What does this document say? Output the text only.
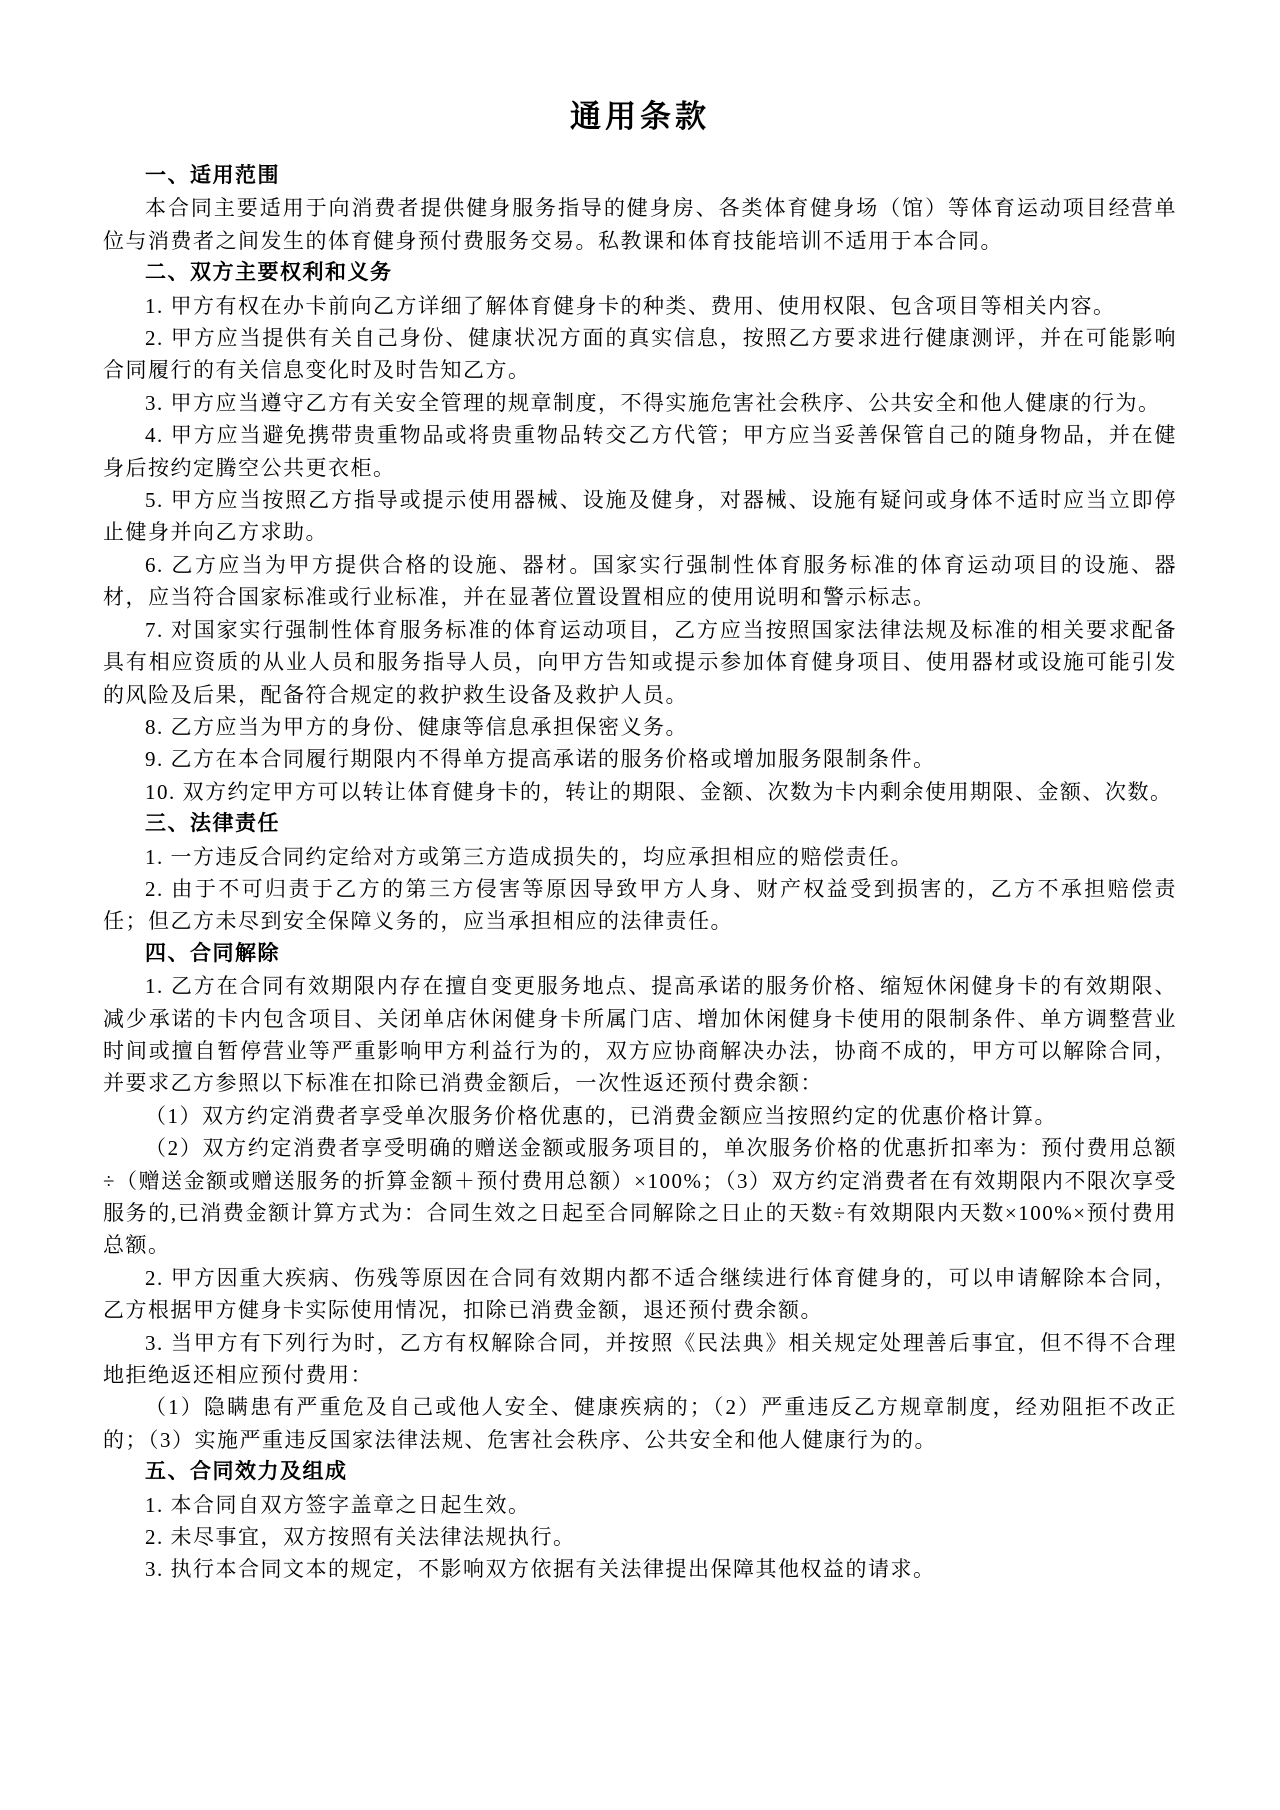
通用条款
一、适用范围

本合同主要适用于向消费者提供健身服务指导的健身房、各类体育健身场（馆）等体育运动项目经营单位与消费者之间发生的体育健身预付费服务交易。私教课和体育技能培训不适用于本合同。

二、双方主要权利和义务

1. 甲方有权在办卡前向乙方详细了解体育健身卡的种类、费用、使用权限、包含项目等相关内容。

2. 甲方应当提供有关自己身份、健康状况方面的真实信息，按照乙方要求进行健康测评，并在可能影响合同履行的有关信息变化时及时告知乙方。

3. 甲方应当遵守乙方有关安全管理的规章制度，不得实施危害社会秩序、公共安全和他人健康的行为。

4. 甲方应当避免携带贵重物品或将贵重物品转交乙方代管；甲方应当妥善保管自己的随身物品，并在健身后按约定腾空公共更衣柜。

5. 甲方应当按照乙方指导或提示使用器械、设施及健身，对器械、设施有疑问或身体不适时应当立即停止健身并向乙方求助。

6. 乙方应当为甲方提供合格的设施、器材。国家实行强制性体育服务标准的体育运动项目的设施、器材，应当符合国家标准或行业标准，并在显著位置设置相应的使用说明和警示标志。

7. 对国家实行强制性体育服务标准的体育运动项目，乙方应当按照国家法律法规及标准的相关要求配备具有相应资质的从业人员和服务指导人员，向甲方告知或提示参加体育健身项目、使用器材或设施可能引发的风险及后果，配备符合规定的救护救生设备及救护人员。

8. 乙方应当为甲方的身份、健康等信息承担保密义务。

9. 乙方在本合同履行期限内不得单方提高承诺的服务价格或增加服务限制条件。

10. 双方约定甲方可以转让体育健身卡的，转让的期限、金额、次数为卡内剩余使用期限、金额、次数。

三、法律责任

1. 一方违反合同约定给对方或第三方造成损失的，均应承担相应的赔偿责任。

2. 由于不可归责于乙方的第三方侵害等原因导致甲方人身、财产权益受到损害的，乙方不承担赔偿责任；但乙方未尽到安全保障义务的，应当承担相应的法律责任。

四、合同解除

1. 乙方在合同有效期限内存在擅自变更服务地点、提高承诺的服务价格、缩短休闲健身卡的有效期限、减少承诺的卡内包含项目、关闭单店休闲健身卡所属门店、增加休闲健身卡使用的限制条件、单方调整营业时间或擅自暂停营业等严重影响甲方利益行为的，双方应协商解决办法，协商不成的，甲方可以解除合同，并要求乙方参照以下标准在扣除已消费金额后，一次性返还预付费余额：

（1）双方约定消费者享受单次服务价格优惠的，已消费金额应当按照约定的优惠价格计算。

（2）双方约定消费者享受明确的赠送金额或服务项目的，单次服务价格的优惠折扣率为：预付费用总额÷（赠送金额或赠送服务的折算金额＋预付费用总额）×100%；（3）双方约定消费者在有效期限内不限次享受服务的,已消费金额计算方式为：合同生效之日起至合同解除之日止的天数÷有效期限内天数×100%×预付费用总额。

2. 甲方因重大疾病、伤残等原因在合同有效期内都不适合继续进行体育健身的，可以申请解除本合同，乙方根据甲方健身卡实际使用情况，扣除已消费金额，退还预付费余额。

3. 当甲方有下列行为时，乙方有权解除合同，并按照《民法典》相关规定处理善后事宜，但不得不合理地拒绝返还相应预付费用：

（1）隐瞒患有严重危及自己或他人安全、健康疾病的；（2）严重违反乙方规章制度，经劝阻拒不改正的；（3）实施严重违反国家法律法规、危害社会秩序、公共安全和他人健康行为的。

五、合同效力及组成

1. 本合同自双方签字盖章之日起生效。

2. 未尽事宜，双方按照有关法律法规执行。

3. 执行本合同文本的规定，不影响双方依据有关法律提出保障其他权益的请求。
